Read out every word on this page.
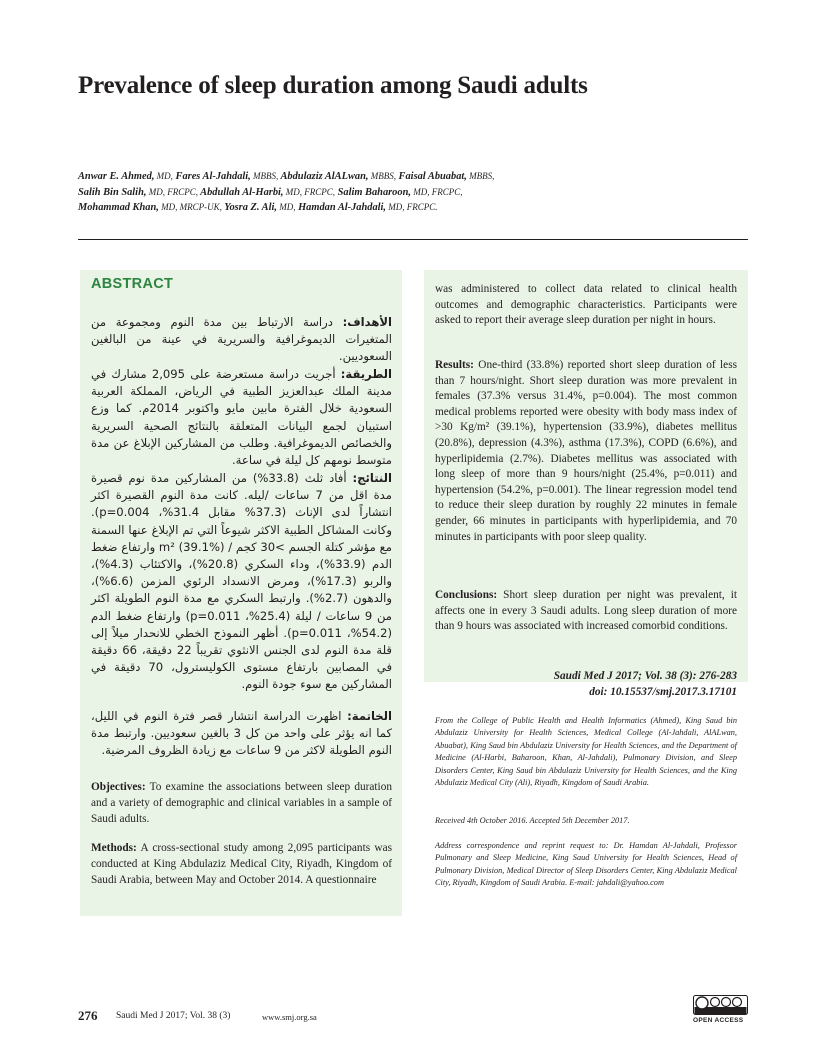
Prevalence of sleep duration among Saudi adults
Anwar E. Ahmed, MD, Fares Al-Jahdali, MBBS, Abdulaziz AlALwan, MBBS, Faisal Abuabat, MBBS,
Salih Bin Salih, MD, FRCPC, Abdullah Al-Harbi, MD, FRCPC, Salim Baharoon, MD, FRCPC,
Mohammad Khan, MD, MRCP-UK, Yosra Z. Ali, MD, Hamdan Al-Jahdali, MD, FRCPC.
ABSTRACT
الأهداف: دراسة الارتباط بين مدة النوم ومجموعة من المتغيرات الديموغرافية والسريرية في عينة من البالغين السعوديين.
الطريقة: أجريت دراسة مستعرضة على 2,095 مشارك في مدينة الملك عبدالعزيز الطبية في الرياض، المملكة العربية السعودية خلال الفترة مابين مايو واكتوبر 2014م. كما وزع استبيان لجمع البيانات المتعلقة بالنتائج الصحية السريرية والخصائص الديموغرافية. وطلب من المشاركين الإبلاغ عن مدة متوسط نومهم كل ليلة في ساعة.
النتائج: أفاد ثلث (33.8%) من المشاركين مدة نوم قصيرة مدة اقل من 7 ساعات /ليله. كانت مدة النوم القصيرة اكثر انتشاراً لدى الإناث (37.3% مقابل 31.4%، p=0.004). وكانت المشاكل الطبية الاكثر شيوعاً التي تم الإبلاغ عنها السمنة مع مؤشر كتلة الجسم >30 كجم / m² (39.1%) وارتفاع ضغط الدم (33.9%)، وداء السكري (20.8%)، والاكتئاب (4.3%)، والربو (17.3%)، ومرض الانسداد الرئوي المزمن (6.6%)، والدهون (2.7%). وارتبط السكري مع مدة النوم الطويلة اكثر من 9 ساعات / ليلة (25.4%، p=0.011) وارتفاع ضغط الدم (54.2%، p=0.011). أظهر النموذج الخطي للانحدار ميلاً إلى قلة مدة النوم لدى الجنس الانثوي تقريباً 22 دقيقة، 66 دقيقة في المصابين بارتفاع مستوى الكوليسترول، 70 دقيقة في المشاركين مع سوء جودة النوم.
الخاتمة: اظهرت الدراسة انتشار قصر فترة النوم في الليل، كما انه يؤثر على واحد من كل 3 بالغين سعوديين. وارتبط مدة النوم الطويلة لاكثر من 9 ساعات مع زيادة الظروف المرضية.
Objectives: To examine the associations between sleep duration and a variety of demographic and clinical variables in a sample of Saudi adults.
Methods: A cross-sectional study among 2,095 participants was conducted at King Abdulaziz Medical City, Riyadh, Kingdom of Saudi Arabia, between May and October 2014. A questionnaire
was administered to collect data related to clinical health outcomes and demographic characteristics. Participants were asked to report their average sleep duration per night in hours.
Results: One-third (33.8%) reported short sleep duration of less than 7 hours/night. Short sleep duration was more prevalent in females (37.3% versus 31.4%, p=0.004). The most common medical problems reported were obesity with body mass index of >30 Kg/m² (39.1%), hypertension (33.9%), diabetes mellitus (20.8%), depression (4.3%), asthma (17.3%), COPD (6.6%), and hyperlipidemia (2.7%). Diabetes mellitus was associated with long sleep of more than 9 hours/night (25.4%, p=0.011) and hypertension (54.2%, p=0.001). The linear regression model tend to reduce their sleep duration by roughly 22 minutes in female gender, 66 minutes in participants with hyperlipidemia, and 70 minutes in participants with poor sleep quality.
Conclusions: Short sleep duration per night was prevalent, it affects one in every 3 Saudi adults. Long sleep duration of more than 9 hours was associated with increased comorbid conditions.
Saudi Med J 2017; Vol. 38 (3): 276-283
doi: 10.15537/smj.2017.3.17101
From the College of Public Health and Health Informatics (Ahmed), King Saud bin Abdulaziz University for Health Sciences, Medical College (Al-Jahdali, AlALwan, Abuabat), King Saud bin Abdulaziz University for Health Sciences, and the Department of Medicine (Al-Harbi, Baharoon, Khan, Al-Jahdali), Pulmonary Division, and Sleep Disorders Center, King Saud bin Abdulaziz University for Health Sciences, and the King Abdulaziz Medical City (Ali), Riyadh, Kingdom of Saudi Arabia.
Received 4th October 2016. Accepted 5th December 2017.
Address correspondence and reprint request to: Dr. Hamdan Al-Jahdali, Professor Pulmonary and Sleep Medicine, King Saud University for Health Sciences, Head of Pulmonary Division, Medical Director of Sleep Disorders Center, King Abdulaziz Medical City, Riyadh, Kingdom of Saudi Arabia. E-mail: jahdali@yahoo.com
276 Saudi Med J 2017; Vol. 38 (3)	www.smj.org.sa	OPEN ACCESS
